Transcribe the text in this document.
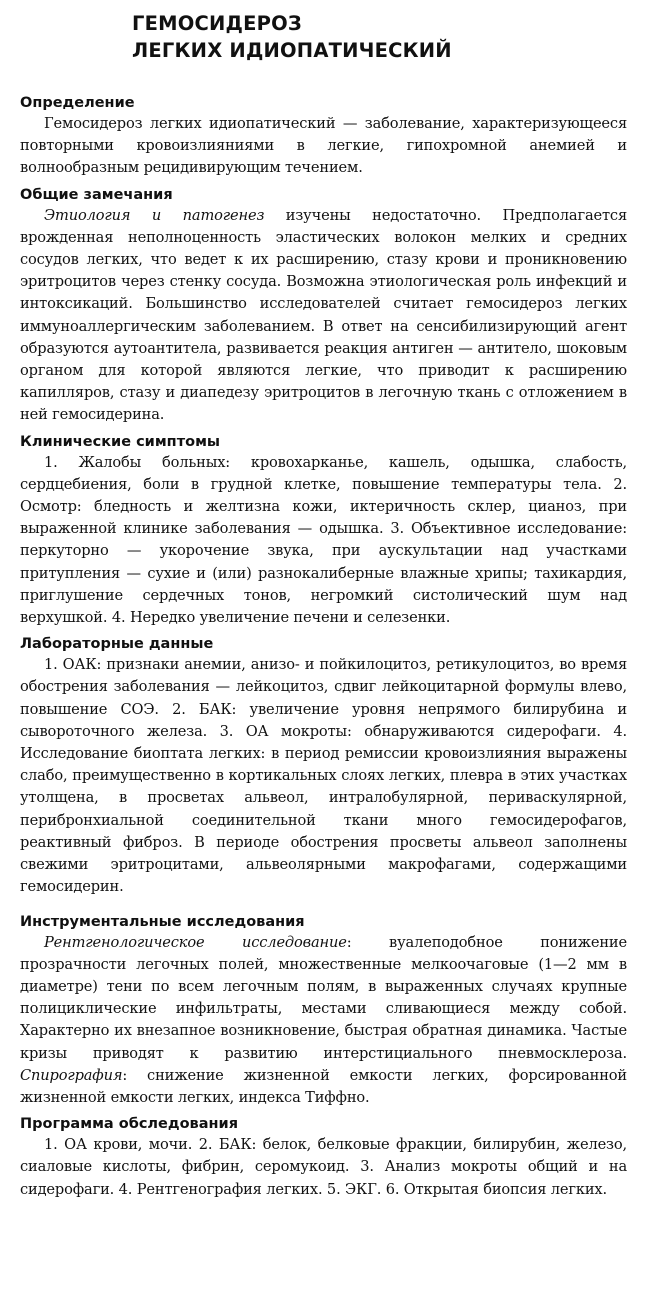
ГЕМОСИДЕРОЗ
ЛЕГКИХ ИДИОПАТИЧЕСКИЙ
Определение

Гемосидероз легких идиопатический — заболевание, характеризующееся повторными кровоизлияниями в легкие, гипохромной анемией и волнообразным рецидивирующим течением.

Общие замечания

Этиология и патогенез изучены недостаточно. Предполагается врожденная неполноценность эластических волокон мелких и средних сосудов легких, что ведет к их расширению, стазу крови и проникновению эритроцитов через стенку сосуда. Возможна этиологическая роль инфекций и интоксикаций. Большинство исследователей считает гемосидероз легких иммуноаллергическим заболеванием. В ответ на сенсибилизирующий агент образуются аутоантитела, развивается реакция антиген — антитело, шоковым органом для которой являются легкие, что приводит к расширению капилляров, стазу и диапедезу эритроцитов в легочную ткань с отложением в ней гемосидерина.

Клинические симптомы

1. Жалобы больных: кровохарканье, кашель, одышка, слабость, сердцебиения, боли в грудной клетке, повышение температуры тела. 2. Осмотр: бледность и желтизна кожи, иктеричность склер, цианоз, при выраженной клинике заболевания — одышка. 3. Объективное исследование: перкуторно — укорочение звука, при аускультации над участками притупления — сухие и (или) разнокалиберные влажные хрипы; тахикардия, приглушение сердечных тонов, негромкий систолический шум над верхушкой. 4. Нередко увеличение печени и селезенки.

Лабораторные данные

1. ОАК: признаки анемии, анизо- и пойкилоцитоз, ретикулоцитоз, во время обострения заболевания — лейкоцитоз, сдвиг лейкоцитарной формулы влево, повышение СОЭ. 2. БАК: увеличение уровня непрямого билирубина и сывороточного железа. 3. ОА мокроты: обнаруживаются сидерофаги. 4. Исследование биоптата легких: в период ремиссии кровоизлияния выражены слабо, преимущественно в кортикальных слоях легких, плевра в этих участках утолщена, в просветах альвеол, интралобулярной, периваскулярной, перибронхиальной соединительной ткани много гемосидерофагов, реактивный фиброз. В периоде обострения просветы альвеол заполнены свежими эритроцитами, альвеолярными макрофагами, содержащими гемосидерин.

Инструментальные исследования

Рентгенологическое исследование: вуалеподобное понижение прозрачности легочных полей, множественные мелкоочаговые (1—2 мм в диаметре) тени по всем легочным полям, в выраженных случаях крупные полициклические инфильтраты, местами сливающиеся между собой. Характерно их внезапное возникновение, быстрая обратная динамика. Частые кризы приводят к развитию интерстициального пневмосклероза. Спирография: снижение жизненной емкости легких, форсированной жизненной емкости легких, индекса Тиффно.

Программа обследования

1. ОА крови, мочи. 2. БАК: белок, белковые фракции, билирубин, железо, сиаловые кислоты, фибрин, серомукоид. 3. Анализ мокроты общий и на сидерофаги. 4. Рентгенография легких. 5. ЭКГ. 6. Открытая биопсия легких.
